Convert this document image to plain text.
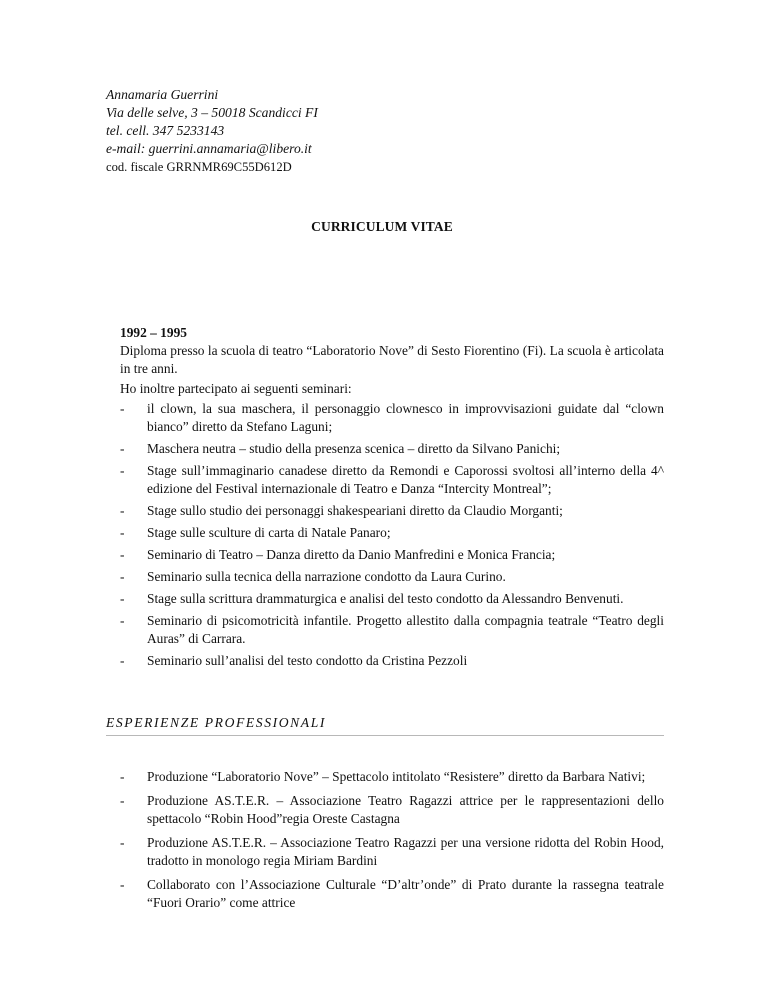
Annamaria Guerrini
Via delle selve, 3 – 50018 Scandicci FI
tel. cell. 347 5233143
e-mail: guerrini.annamaria@libero.it
cod. fiscale GRRNMR69C55D612D
CURRICULUM VITAE
1992 – 1995
Diploma presso la scuola di teatro “Laboratorio Nove” di Sesto Fiorentino (Fi). La scuola è articolata in tre anni.
Ho inoltre partecipato ai seguenti seminari:
- il clown, la sua maschera, il personaggio clownesco in improvvisazioni guidate dal “clown bianco” diretto da Stefano Laguni;
- Maschera neutra – studio della presenza scenica – diretto da Silvano Panichi;
- Stage sull’immaginario canadese diretto da Remondi e Caporossi svoltosi all’interno della 4^ edizione del Festival internazionale di Teatro e Danza “Intercity Montreal”;
- Stage sullo studio dei personaggi shakespeariani diretto da Claudio Morganti;
- Stage sulle sculture di carta di Natale Panaro;
- Seminario di Teatro – Danza diretto da Danio Manfredini e Monica Francia;
- Seminario sulla tecnica della narrazione condotto da Laura Curino.
- Stage sulla scrittura drammaturgica e analisi del testo condotto da Alessandro Benvenuti.
- Seminario di psicomotricità infantile. Progetto allestito dalla compagnia teatrale “Teatro degli Auras” di Carrara.
- Seminario sull’analisi del testo condotto da Cristina Pezzoli
ESPERIENZE PROFESSIONALI
- Produzione “Laboratorio Nove” – Spettacolo intitolato “Resistere” diretto da Barbara Nativi;
- Produzione AS.T.E.R. – Associazione Teatro Ragazzi attrice per le rappresentazioni dello spettacolo “Robin Hood”regia Oreste Castagna
- Produzione AS.T.E.R. – Associazione Teatro Ragazzi per una versione ridotta del Robin Hood, tradotto in monologo regia Miriam Bardini
- Collaborato con l’Associazione Culturale “D’altr’onde” di Prato durante la rassegna teatrale “Fuori Orario” come attrice
